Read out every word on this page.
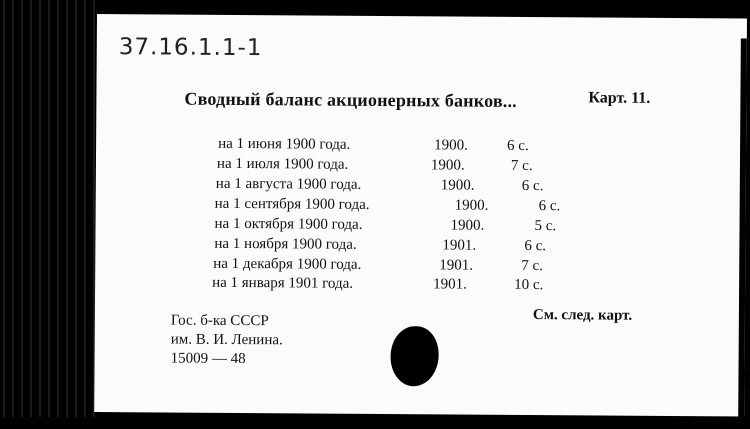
37.16.1.1-1
Сводный баланс акционерных банков...	Карт. 11.
на 1 июня 1900 года.	1900.	6 с.
на 1 июля 1900 года.	1900.	7 с.
на 1 августа 1900 года.	1900.	6 с.
на 1 сентября 1900 года.	1900.	6 с.
на 1 октября 1900 года.	1900.	5 с.
на 1 ноября 1900 года.	1901.	6 с.
на 1 декабря 1900 года.	1901.	7 с.
на 1 января 1901 года.	1901.	10 с.
Гос. б-ка СССР
им. В. И. Ленина.
15009 — 48
См. след. карт.
